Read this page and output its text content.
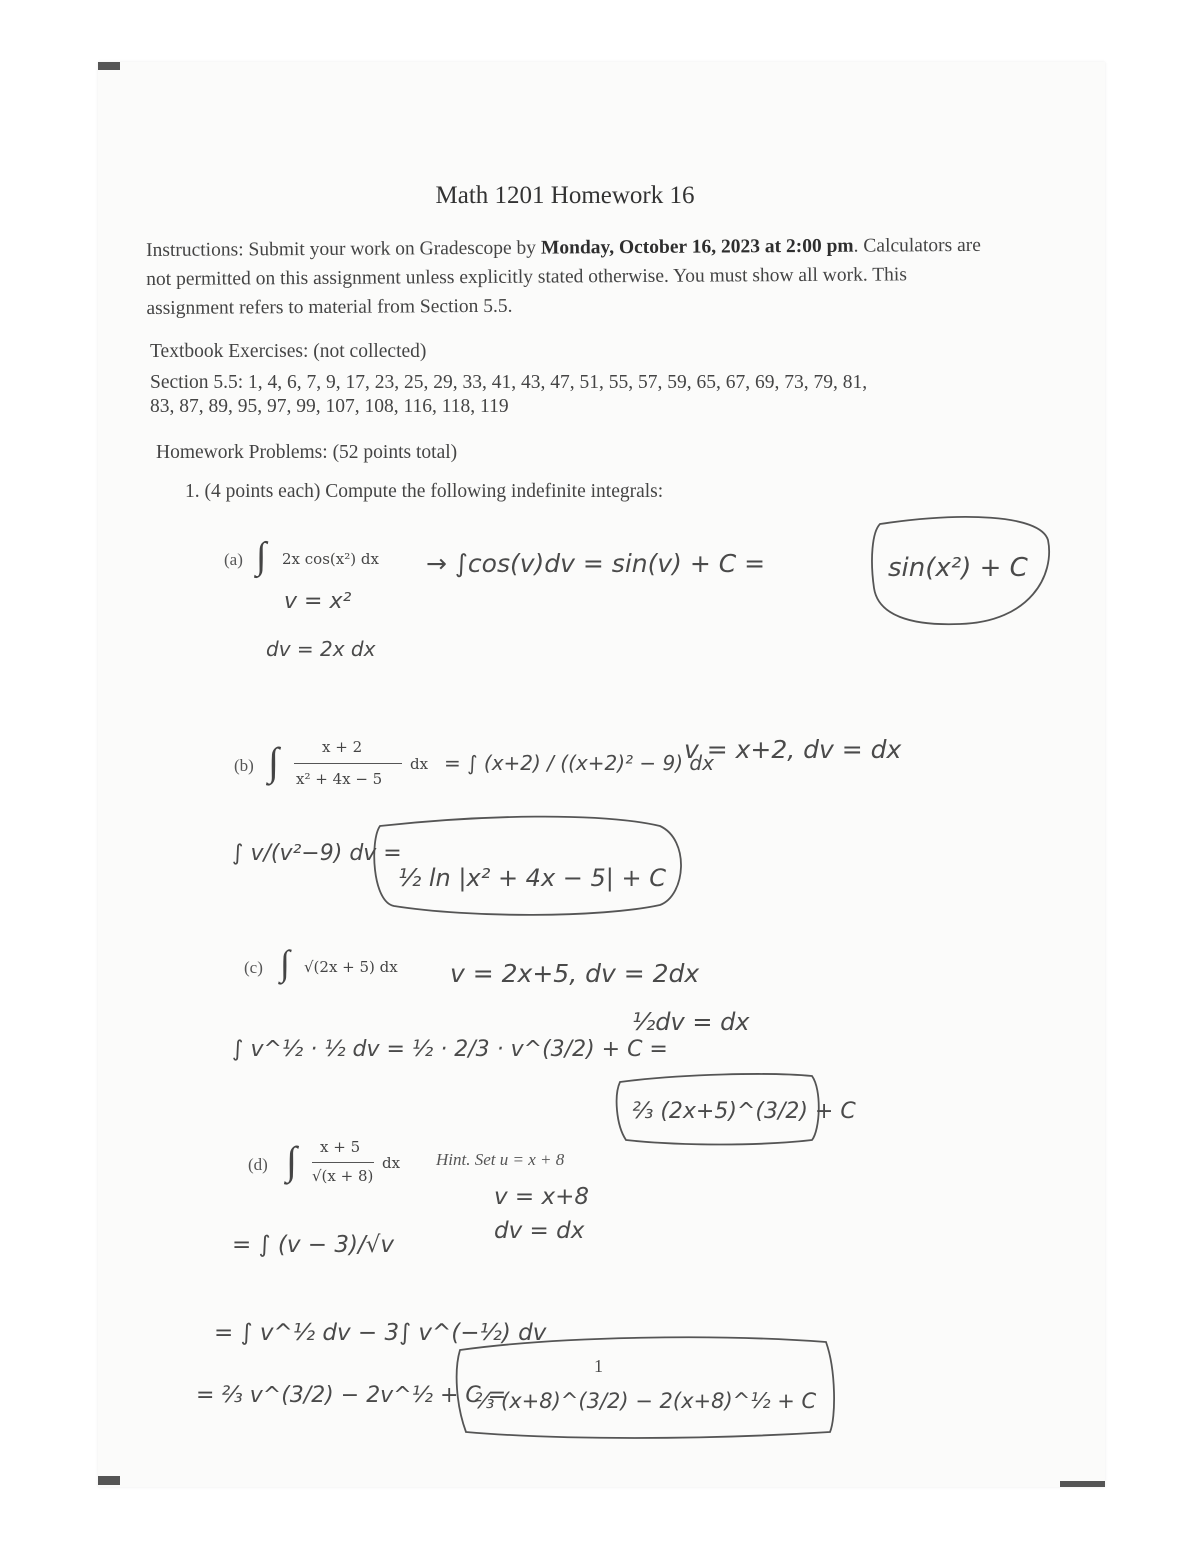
Math 1201 Homework 16
Instructions: Submit your work on Gradescope by Monday, October 16, 2023 at 2:00 pm. Calculators are not permitted on this assignment unless explicitly stated otherwise. You must show all work. This assignment refers to material from Section 5.5.
Textbook Exercises: (not collected)
Section 5.5: 1, 4, 6, 7, 9, 17, 23, 25, 29, 33, 41, 43, 47, 51, 55, 57, 59, 65, 67, 69, 73, 79, 81,
83, 87, 89, 95, 97, 99, 107, 108, 116, 118, 119
Homework Problems: (52 points total)
1. (4 points each) Compute the following indefinite integrals:
(a) ∫ 2x cos(x²) dx
(b) ∫	x + 2
x² + 4x − 5
dx
(c) ∫ √(2x + 5) dx
(d) ∫ x + 5
√(x + 8)
dx Hint. Set u = x + 8
v = x²
dv = 2x dx
→ ∫cos(v)dv = sin(v) + C =	sin(x²) + C
= ∫ (x+2) / ((x+2)² − 9) dx
v = x+2, dv = dx
∫ v/(v²−9) dv =
½ ln |x² + 4x − 5| + C
v = 2x+5, dv = 2dx
½dv = dx
∫ v^½ · ½ dv = ½ · 2/3 · v^(3/2) + C =
⅔ (2x+5)^(3/2) + C
v = x+8
dv = dx
= ∫ (v − 3)/√v
= ∫ v^½ dv − 3∫ v^(−½) dv
= ⅔ v^(3/2) − 2v^½ + C =
⅔ (x+8)^(3/2) − 2(x+8)^½ + C
1
